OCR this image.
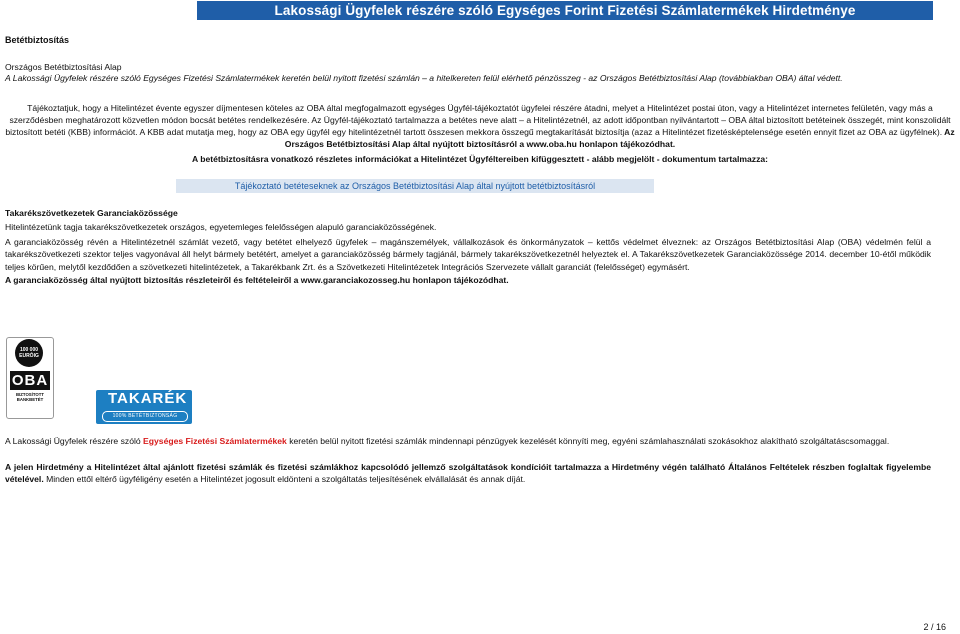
Lakossági Ügyfelek részére szóló Egységes Forint Fizetési Számlatermékek Hirdetménye
Betétbiztosítás
Országos Betétbiztosítási Alap
A Lakossági Ügyfelek részére szóló Egységes Fizetési Számlatermékek keretén belül nyitott fizetési számlán – a hitelkereten felül elérhető pénzösszeg - az Országos Betétbiztosítási Alap (továbbiakban OBA) által védett.
Tájékoztatjuk, hogy a Hitelintézet évente egyszer díjmentesen köteles az OBA által megfogalmazott egységes Ügyfél-tájékoztatót ügyfelei részére átadni, melyet a Hitelintézet postai úton, vagy a Hitelintézet internetes felületén, vagy más a szerződésben meghatározott közvetlen módon bocsát betétes rendelkezésére. Az Ügyfél-tájékoztató tartalmazza a betétes neve alatt – a Hitelintézetnél, az adott időpontban nyilvántartott – OBA által biztosított betéteinek összegét, mint konszolidált biztosított betéti (KBB) információt. A KBB adat mutatja meg, hogy az OBA egy ügyfél egy hitelintézetnél tartott összesen mekkora összegű megtakarítását biztosítja (azaz a Hitelintézet fizetésképtelensége esetén ennyit fizet az OBA az ügyfélnek). Az Országos Betétbiztosítási Alap által nyújtott biztosításról a www.oba.hu honlapon tájékozódhat.
A betétbiztosításra vonatkozó részletes információkat a Hitelintézet Ügyféltereiben kifüggesztett - alább megjelölt - dokumentum tartalmazza:
Tájékoztató betéteseknek az Országos Betétbiztosítási Alap által nyújtott betétbiztosításról
Takarékszövetkezetek Garanciaközössége
Hitelintézetünk tagja takarékszövetkezetek országos, egyetemleges felelősségen alapuló garanciaközösségének.
A garanciaközösség révén a Hitelintézetnél számlát vezető, vagy betétet elhelyező ügyfelek – magánszemélyek, vállalkozások és önkormányzatok – kettős védelmet élveznek: az Országos Betétbiztosítási Alap (OBA) védelmén felül a takarékszövetkezeti szektor teljes vagyonával áll helyt bármely betétért, amelyet a garanciaközösség bármely tagjánál, bármely takarékszövetkezetnél helyeztek el. A Takarékszövetkezetek Garanciaközössége 2014. december 10-étől működik teljes körűen, melytől kezdődően a szövetkezeti hitelintézetek, a Takarékbank Zrt. és a Szövetkezeti Hitelintézetek Integrációs Szervezete vállalt garanciát (felelősséget) egymásért.
A garanciaközösség által nyújtott biztosítás részleteiről és feltételeiről a www.garanciakozosseg.hu honlapon tájékozódhat.
100 000
EURÓIG
OBA
BIZTOSÍTOTT
BANKBETÉT	TAKARÉK
100% BETÉTBIZTONSÁG
A Lakossági Ügyfelek részére szóló Egységes Fizetési Számlatermékek keretén belül nyitott fizetési számlák mindennapi pénzügyek kezelését könnyíti meg, egyéni számlahasználati szokásokhoz alakítható szolgáltatáscsomaggal.
A jelen Hirdetmény a Hitelintézet által ajánlott fizetési számlák és fizetési számlákhoz kapcsolódó jellemző szolgáltatások kondícióit tartalmazza a Hirdetmény végén található Általános Feltételek részben foglaltak figyelembe vételével. Minden ettől eltérő ügyféligény esetén a Hitelintézet jogosult eldönteni a szolgáltatás teljesítésének elvállalását és annak díját.
2 / 16
